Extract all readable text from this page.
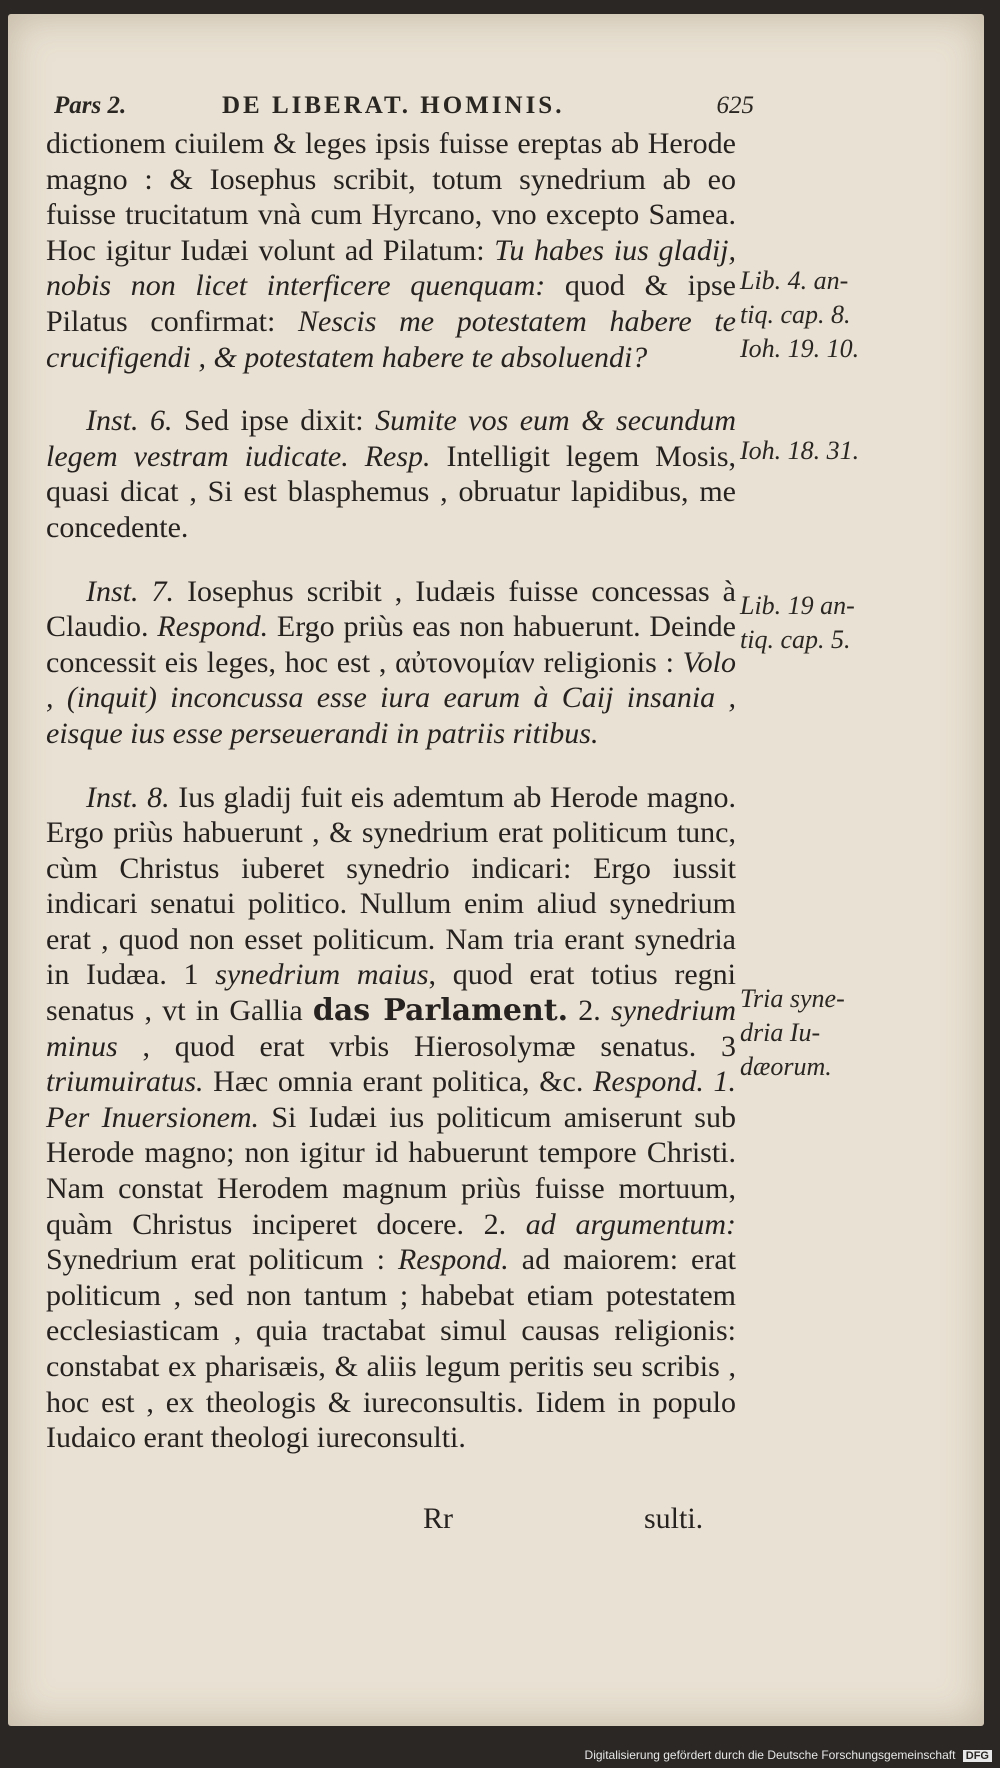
Pars 2.	DE LIBERAT. HOMINIS.	625

dictionem ciuilem & leges ipsis fuisse ereptas ab Herode magno : & Iosephus scribit, totum synedrium ab eo fuisse trucitatum vnà cum Hyrcano, vno excepto Samea. Hoc igitur Iudæi volunt ad Pilatum: Tu habes ius gladij, nobis non licet interficere quenquam: quod & ipse Pilatus confirmat: Nescis me potestatem habere te crucifigendi , & potestatem habere te absoluendi?

Inst. 6. Sed ipse dixit: Sumite vos eum & secundum legem vestram iudicate. Resp. Intelligit legem Mosis, quasi dicat , Si est blasphemus , obruatur lapidibus, me concedente.

Inst. 7. Iosephus scribit , Iudæis fuisse concessas à Claudio. Respond. Ergo priùs eas non habuerunt. Deinde concessit eis leges, hoc est , αὐτονομίαν religionis : Volo , (inquit) inconcussa esse iura earum à Caij insania , eisque ius esse perseuerandi in patriis ritibus.

Inst. 8. Ius gladij fuit eis ademtum ab Herode magno. Ergo priùs habuerunt , & synedrium erat politicum tunc, cùm Christus iuberet synedrio indicari: Ergo iussit indicari senatui politico. Nullum enim aliud synedrium erat , quod non esset politicum. Nam tria erant synedria in Iudæa. 1 synedrium maius, quod erat totius regni senatus , vt in Gallia das Parlament. 2. synedrium minus , quod erat vrbis Hierosolymæ senatus. 3 triumuiratus. Hæc omnia erant politica, &c. Respond. 1. Per Inuersionem. Si Iudæi ius politicum amiserunt sub Herode magno; non igitur id habuerunt tempore Christi. Nam constat Herodem magnum priùs fuisse mortuum, quàm Christus inciperet docere. 2. ad argumentum: Synedrium erat politicum : Respond. ad maiorem: erat politicum , sed non tantum ; habebat etiam potestatem ecclesiasticam , quia tractabat simul causas religionis: constabat ex pharisæis, & aliis legum peritis seu scribis , hoc est , ex theologis & iureconsultis. Iidem in populo Iudaico erant theologi iureconsulti.

Lib. 4. an-
tiq. cap. 8.
Ioh. 19. 10.
Ioh. 18. 31.
Lib. 19 an-
tiq. cap. 5.
Tria syne-
dria Iu-
dæorum.
Rr	sulti.
Digitalisierung gefördert durch die Deutsche Forschungsgemeinschaft DFG
